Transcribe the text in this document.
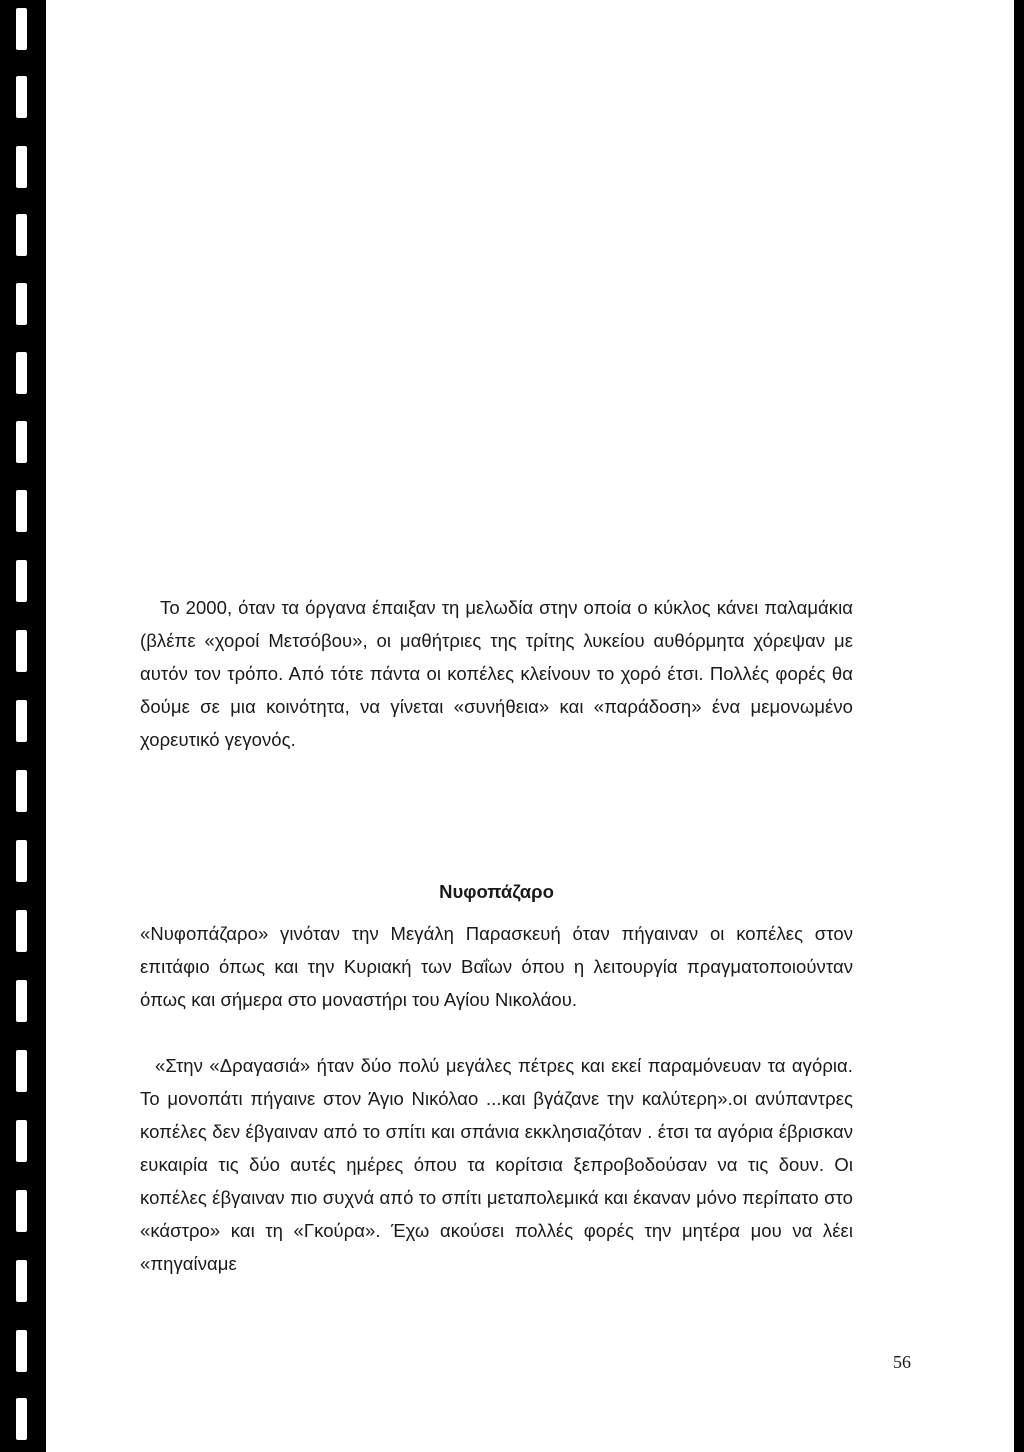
Το 2000, όταν τα όργανα έπαιξαν τη μελωδία στην οποία ο κύκλος κάνει παλαμάκια (βλέπε «χοροί Μετσόβου», οι μαθήτριες της τρίτης λυκείου αυθόρμητα χόρεψαν με αυτόν τον τρόπο. Από τότε πάντα οι κοπέλες κλείνουν το χορό έτσι. Πολλές φορές θα δούμε σε μια κοινότητα, να γίνεται «συνήθεια» και «παράδοση» ένα μεμονωμένο χορευτικό γεγονός.

Νυφοπάζαρο

«Νυφοπάζαρο» γινόταν την Μεγάλη Παρασκευή όταν πήγαιναν οι κοπέλες στον επιτάφιο όπως και την Κυριακή των Βαΐων όπου η λειτουργία πραγματοποιούνταν όπως και σήμερα στο μοναστήρι του Αγίου Νικολάου.

«Στην «Δραγασιά» ήταν δύο πολύ μεγάλες πέτρες και εκεί παραμόνευαν τα αγόρια. Το μονοπάτι πήγαινε στον Άγιο Νικόλαο ...και βγάζανε την καλύτερη».οι ανύπαντρες κοπέλες δεν έβγαιναν από το σπίτι και σπάνια εκκλησιαζόταν . έτσι τα αγόρια έβρισκαν ευκαιρία τις δύο αυτές ημέρες όπου τα κορίτσια ξεπροβοδούσαν να τις δουν. Οι κοπέλες έβγαιναν πιο συχνά από το σπίτι μεταπολεμικά και έκαναν μόνο περίπατο στο «κάστρο» και τη «Γκούρα». Έχω ακούσει πολλές φορές την μητέρα μου να λέει «πηγαίναμε

56
